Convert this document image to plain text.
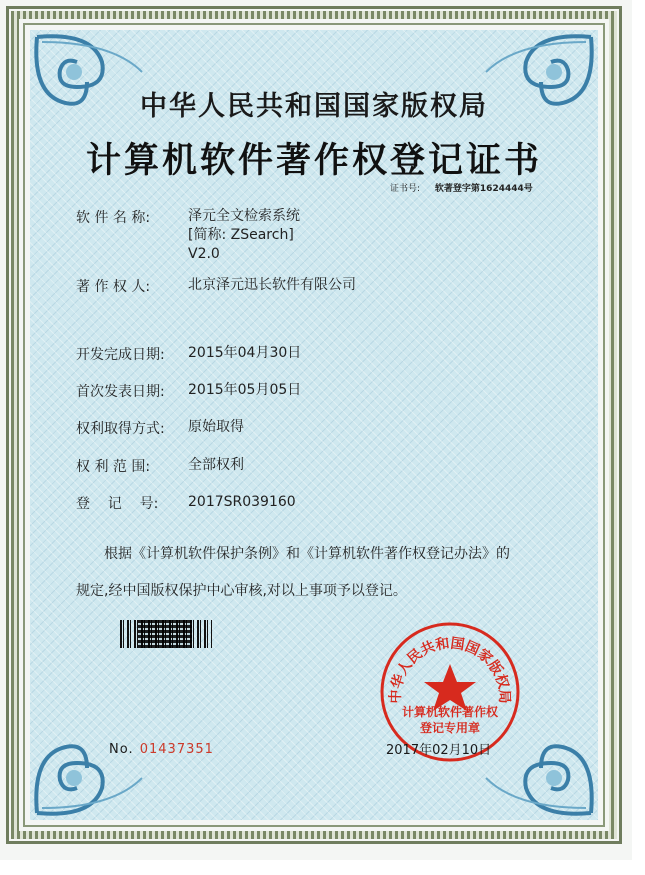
中华人民共和国国家版权局
计算机软件著作权登记证书
证书号: 软著登字第1624444号
软 件 名 称:	泽元全文检索系统
[简称: ZSearch]
V2.0
著 作 权 人:	北京泽元迅长软件有限公司
开发完成日期:	2015年04月30日
首次发表日期:	2015年05月05日
权利取得方式:	原始取得
权 利 范 围:	全部权利
登    记    号:	2017SR039160
根据《计算机软件保护条例》和《计算机软件著作权登记办法》的
规定,经中国版权保护中心审核,对以上事项予以登记。
中华人民共和国国家版权局
计算机软件著作权
登记专用章
No. 01437351	2017年02月10日
